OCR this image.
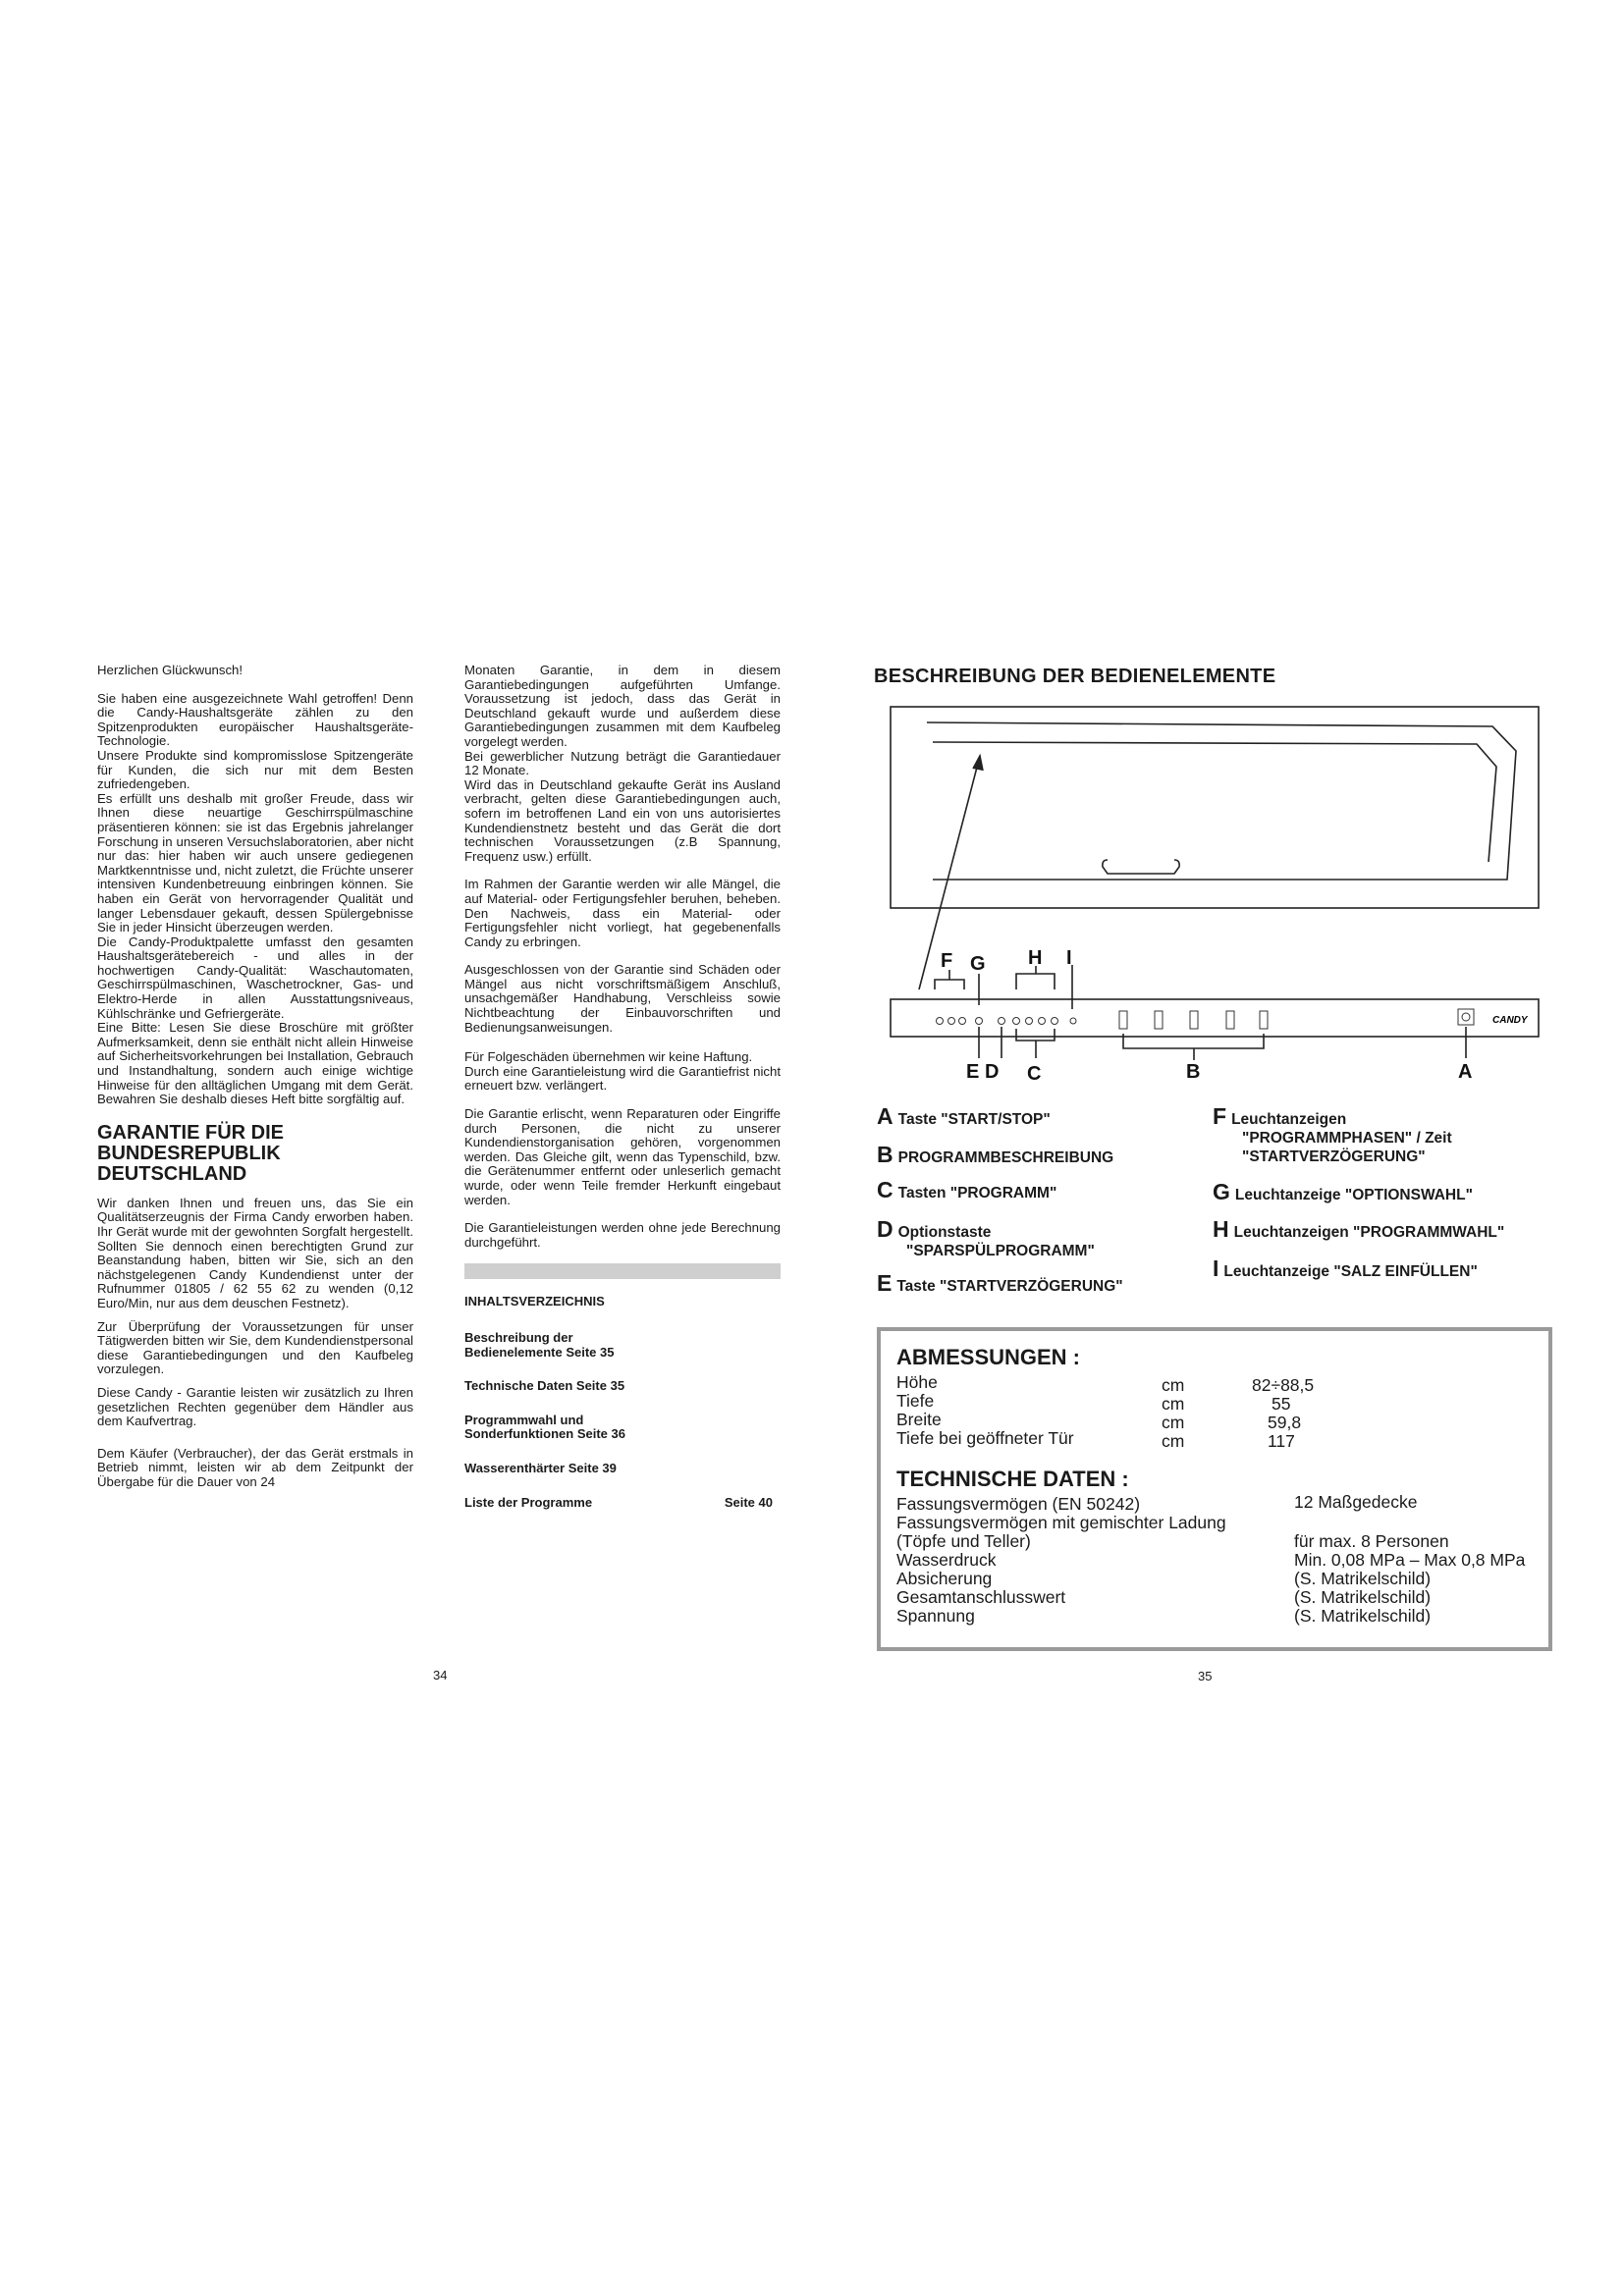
Herzlichen Glückwunsch!

Sie haben eine ausgezeichnete Wahl getroffen! Denn die Candy-Haushaltsgeräte zählen zu den Spitzenprodukten europäischer Haushaltsgeräte-Technologie.

Unsere Produkte sind kompromisslose Spitzengeräte für Kunden, die sich nur mit dem Besten zufriedengeben.

Es erfüllt uns deshalb mit großer Freude, dass wir Ihnen diese neuartige Geschirrspülmaschine präsentieren können: sie ist das Ergebnis jahrelanger Forschung in unseren Versuchslaboratorien, aber nicht nur das: hier haben wir auch unsere gediegenen Marktkenntnisse und, nicht zuletzt, die Früchte unserer intensiven Kundenbetreuung einbringen können. Sie haben ein Gerät von hervorragender Qualität und langer Lebensdauer gekauft, dessen Spülergebnisse Sie in jeder Hinsicht überzeugen werden.

Die Candy-Produktpalette umfasst den gesamten Haushaltsgerätebereich - und alles in der hochwertigen Candy-Qualität: Waschautomaten, Geschirrspülmaschinen, Waschetrockner, Gas- und Elektro-Herde in allen Ausstattungsniveaus, Kühlschränke und Gefriergeräte.

Eine Bitte: Lesen Sie diese Broschüre mit größter Aufmerksamkeit, denn sie enthält nicht allein Hinweise auf Sicherheitsvorkehrungen bei Installation, Gebrauch und Instandhaltung, sondern auch einige wichtige Hinweise für den alltäglichen Umgang mit dem Gerät. Bewahren Sie deshalb dieses Heft bitte sorgfältig auf.

GARANTIE FÜR DIE
BUNDESREPUBLIK
DEUTSCHLAND

Wir danken Ihnen und freuen uns, das Sie ein Qualitätserzeugnis der Firma Candy erworben haben. Ihr Gerät wurde mit der gewohnten Sorgfalt hergestellt. Sollten Sie dennoch einen berechtigten Grund zur Beanstandung haben, bitten wir Sie, sich an den nächstgelegenen Candy Kundendienst unter der Rufnummer 01805 / 62 55 62 zu wenden (0,12 Euro/Min, nur aus dem deuschen Festnetz).

Zur Überprüfung der Voraussetzungen für unser Tätigwerden bitten wir Sie, dem Kundendienstpersonal diese Garantiebedingungen und den Kaufbeleg vorzulegen.

Diese Candy - Garantie leisten wir zusätzlich zu Ihren gesetzlichen Rechten gegenüber dem Händler aus dem Kaufvertrag.

Dem Käufer (Verbraucher), der das Gerät erstmals in Betrieb nimmt, leisten wir ab dem Zeitpunkt der Übergabe für die Dauer von 24

Monaten Garantie, in dem in diesem Garantiebedingungen aufgeführten Umfange. Voraussetzung ist jedoch, dass das Gerät in Deutschland gekauft wurde und außerdem diese Garantiebedingungen zusammen mit dem Kaufbeleg vorgelegt werden.

Bei gewerblicher Nutzung beträgt die Garantiedauer 12 Monate.

Wird das in Deutschland gekaufte Gerät ins Ausland verbracht, gelten diese Garantiebedingungen auch, sofern im betroffenen Land ein von uns autorisiertes Kundendienstnetz besteht und das Gerät die dort technischen Voraussetzungen (z.B Spannung, Frequenz usw.) erfüllt.

Im Rahmen der Garantie werden wir alle Mängel, die auf Material- oder Fertigungsfehler beruhen, beheben. Den Nachweis, dass ein Material- oder Fertigungsfehler nicht vorliegt, hat gegebenenfalls Candy zu erbringen.

Ausgeschlossen von der Garantie sind Schäden oder Mängel aus nicht vorschriftsmäßigem Anschluß, unsachgemäßer Handhabung, Verschleiss sowie Nichtbeachtung der Einbauvorschriften und Bedienungsanweisungen.

Für Folgeschäden übernehmen wir keine Haftung.

Durch eine Garantieleistung wird die Garantiefrist nicht erneuert bzw. verlängert.

Die Garantie erlischt, wenn Reparaturen oder Eingriffe durch Personen, die nicht zu unserer Kundendienstorganisation gehören, vorgenommen werden. Das Gleiche gilt, wenn das Typenschild, bzw. die Gerätenummer entfernt oder unleserlich gemacht wurde, oder wenn Teile fremder Herkunft eingebaut werden.

Die Garantieleistungen werden ohne jede Berechnung durchgeführt.

INHALTSVERZEICHNIS
Beschreibung der
Bedienelemente Seite 35
Technische Daten Seite 35
Programmwahl und
Sonderfunktionen Seite 36
Wasserenthärter Seite 39
Liste der Programme	Seite 40
34
BESCHREIBUNG DER BEDIENELEMENTE
CANDY
F G H I
E D C	B	A
A Taste "START/STOP"
B PROGRAMMBESCHREIBUNG
C Tasten "PROGRAMM"
D Optionstaste
"SPARSPÜLPROGRAMM"
E Taste "STARTVERZÖGERUNG"
F Leuchtanzeigen
"PROGRAMMPHASEN" / Zeit "STARTVERZÖGERUNG"
G Leuchtanzeige "OPTIONSWAHL"
H Leuchtanzeigen "PROGRAMMWAHL"
I Leuchtanzeige "SALZ EINFÜLLEN"
ABMESSUNGEN :
Höhe	cm	82÷88,5
Tiefe	cm	55
Breite	cm	59,8
Tiefe bei geöffneter Tür	cm	117
TECHNISCHE DATEN :
Fassungsvermögen (EN 50242)	12 Maßgedecke
Fassungsvermögen mit gemischter Ladung
(Töpfe und Teller)	für max. 8 Personen
Wasserdruck	Min. 0,08 MPa – Max 0,8 MPa
Absicherung	(S. Matrikelschild)
Gesamtanschlusswert	(S. Matrikelschild)
Spannung	(S. Matrikelschild)
35
